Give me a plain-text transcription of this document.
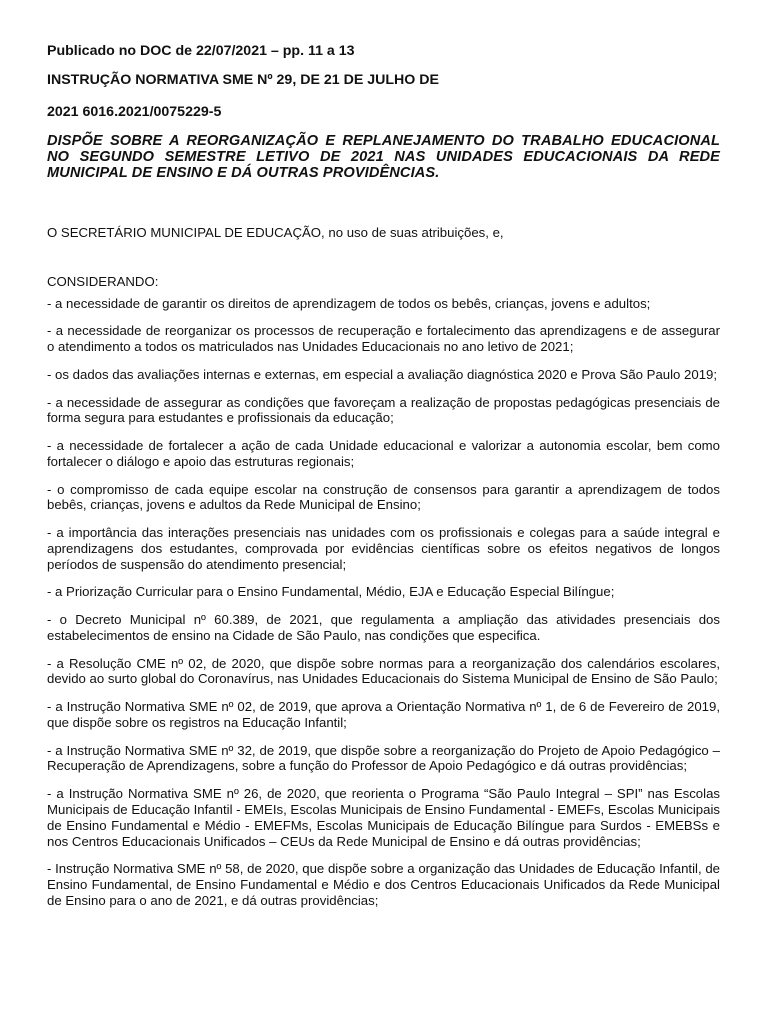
Publicado no DOC de 22/07/2021 – pp. 11 a 13

INSTRUÇÃO NORMATIVA SME Nº 29, DE 21 DE JULHO DE

2021 6016.2021/0075229-5

DISPÕE SOBRE A REORGANIZAÇÃO E REPLANEJAMENTO DO TRABALHO EDUCACIONAL NO SEGUNDO SEMESTRE LETIVO DE 2021 NAS UNIDADES EDUCACIONAIS DA REDE MUNICIPAL DE ENSINO E DÁ OUTRAS PROVIDÊNCIAS.

O SECRETÁRIO MUNICIPAL DE EDUCAÇÃO, no uso de suas atribuições, e,

CONSIDERANDO:

- a necessidade de garantir os direitos de aprendizagem de todos os bebês, crianças, jovens e adultos;

- a necessidade de reorganizar os processos de recuperação e fortalecimento das aprendizagens e de assegurar o atendimento a todos os matriculados nas Unidades Educacionais no ano letivo de 2021;

- os dados das avaliações internas e externas, em especial a avaliação diagnóstica 2020 e Prova São Paulo 2019;

- a necessidade de assegurar as condições que favoreçam a realização de propostas pedagógicas presenciais de forma segura para estudantes e profissionais da educação;

- a necessidade de fortalecer a ação de cada Unidade educacional e valorizar a autonomia escolar, bem como fortalecer o diálogo e apoio das estruturas regionais;

- o compromisso de cada equipe escolar na construção de consensos para garantir a aprendizagem de todos bebês, crianças, jovens e adultos da Rede Municipal de Ensino;

- a importância das interações presenciais nas unidades com os profissionais e colegas para a saúde integral e aprendizagens dos estudantes, comprovada por evidências científicas sobre os efeitos negativos de longos períodos de suspensão do atendimento presencial;

- a Priorização Curricular para o Ensino Fundamental, Médio, EJA e Educação Especial Bilíngue;

- o Decreto Municipal nº 60.389, de 2021, que regulamenta a ampliação das atividades presenciais dos estabelecimentos de ensino na Cidade de São Paulo, nas condições que especifica.

- a Resolução CME nº 02, de 2020, que dispõe sobre normas para a reorganização dos calendários escolares, devido ao surto global do Coronavírus, nas Unidades Educacionais do Sistema Municipal de Ensino de São Paulo;

- a Instrução Normativa SME nº 02, de 2019, que aprova a Orientação Normativa nº 1, de 6 de Fevereiro de 2019, que dispõe sobre os registros na Educação Infantil;

- a Instrução Normativa SME nº 32, de 2019, que dispõe sobre a reorganização do Projeto de Apoio Pedagógico – Recuperação de Aprendizagens, sobre a função do Professor de Apoio Pedagógico e dá outras providências;

- a Instrução Normativa SME nº 26, de 2020, que reorienta o Programa “São Paulo Integral – SPI” nas Escolas Municipais de Educação Infantil - EMEIs, Escolas Municipais de Ensino Fundamental - EMEFs, Escolas Municipais de Ensino Fundamental e Médio - EMEFMs, Escolas Municipais de Educação Bilíngue para Surdos - EMEBSs e nos Centros Educacionais Unificados – CEUs da Rede Municipal de Ensino e dá outras providências;

- Instrução Normativa SME nº 58, de 2020, que dispõe sobre a organização das Unidades de Educação Infantil, de Ensino Fundamental, de Ensino Fundamental e Médio e dos Centros Educacionais Unificados da Rede Municipal de Ensino para o ano de 2021, e dá outras providências;
